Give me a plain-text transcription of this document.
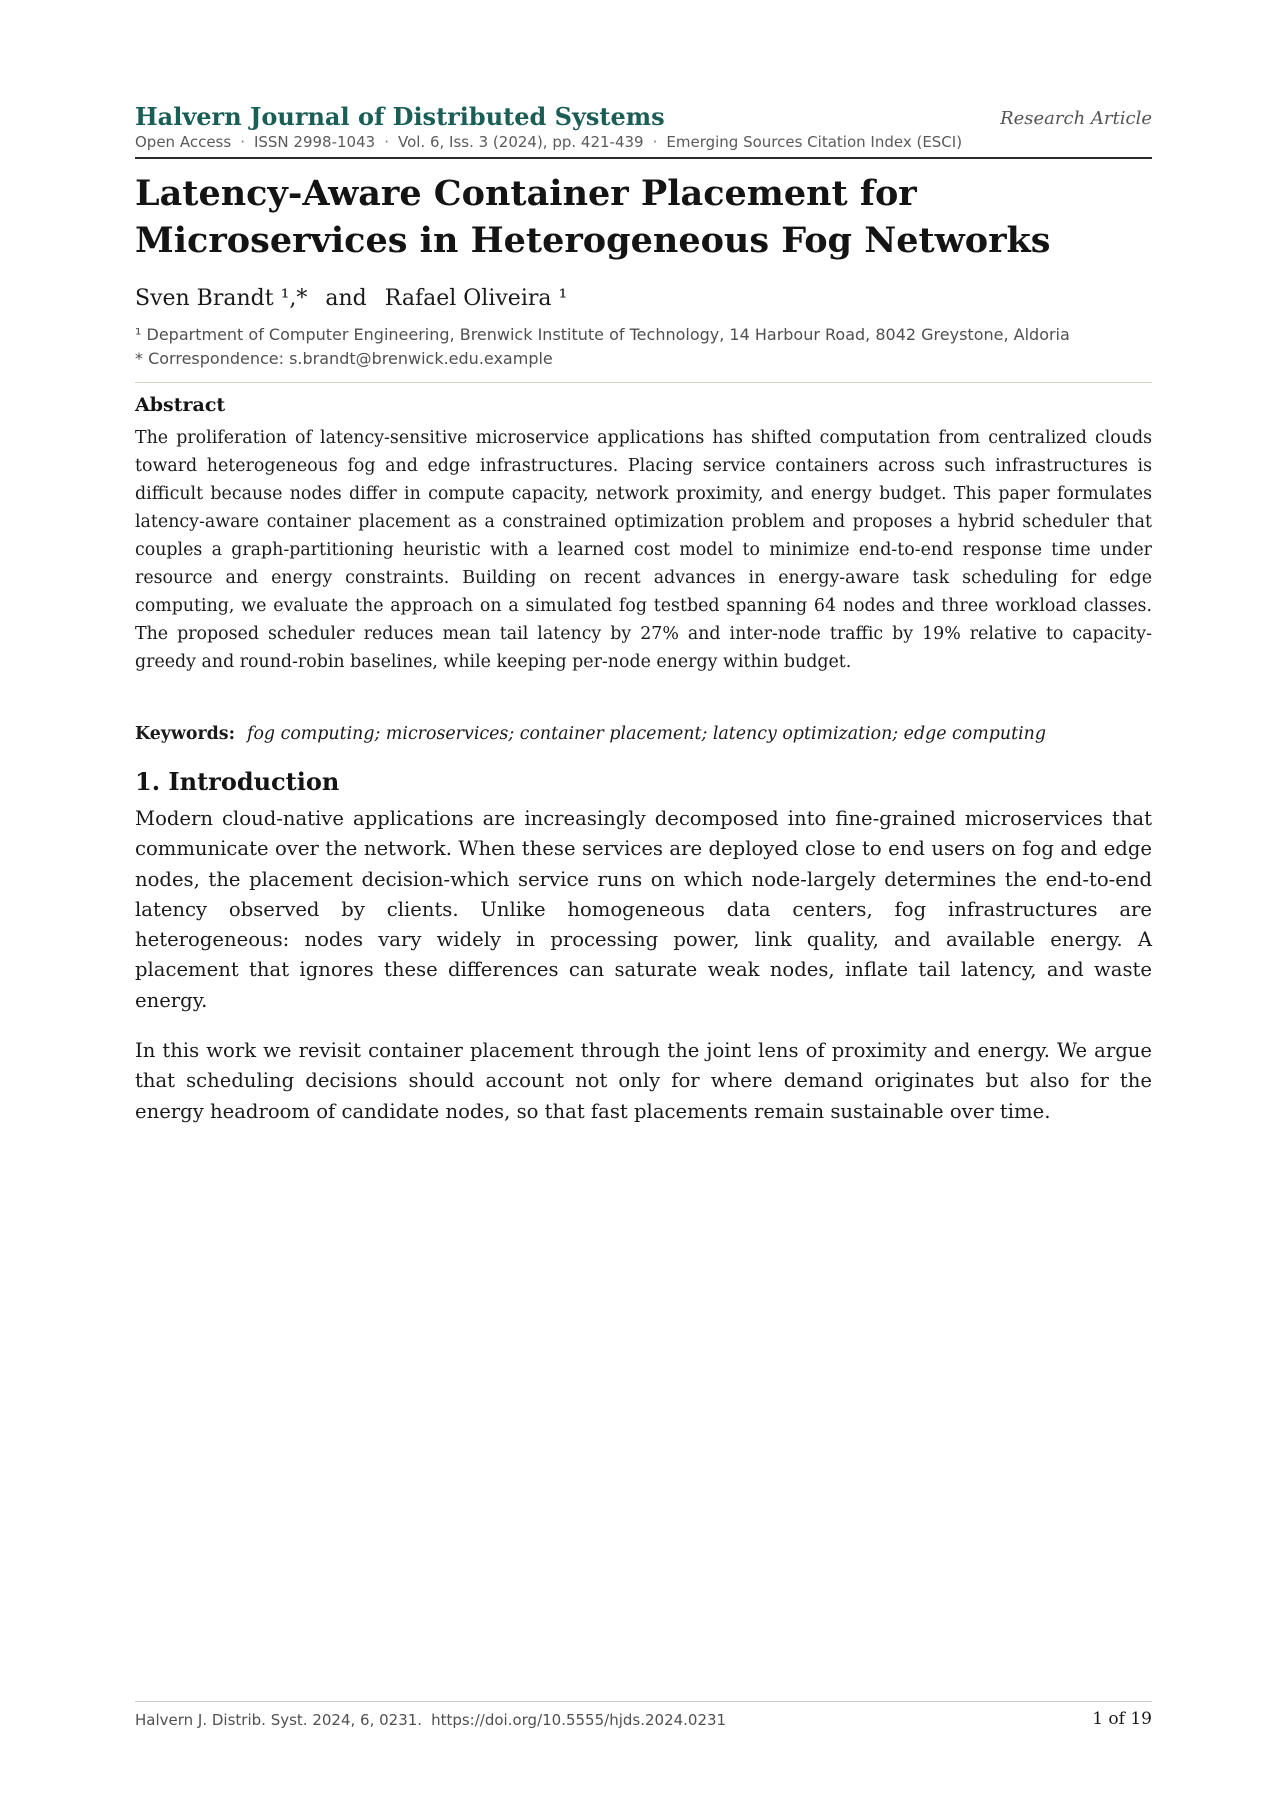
Halvern Journal of Distributed Systems	Research Article
Open Access · ISSN 2998-1043 · Vol. 6, Iss. 3 (2024), pp. 421-439 · Emerging Sources Citation Index (ESCI)
Latency-Aware Container Placement for Microservices in Heterogeneous Fog Networks
Sven Brandt ¹,* and Rafael Oliveira ¹
¹ Department of Computer Engineering, Brenwick Institute of Technology, 14 Harbour Road, 8042 Greystone, Aldoria
* Correspondence: s.brandt@brenwick.edu.example
Abstract

The proliferation of latency-sensitive microservice applications has shifted computation from centralized clouds toward heterogeneous fog and edge infrastructures. Placing service containers across such infrastructures is difficult because nodes differ in compute capacity, network proximity, and energy budget. This paper formulates latency-aware container placement as a constrained optimization problem and proposes a hybrid scheduler that couples a graph-partitioning heuristic with a learned cost model to minimize end-to-end response time under resource and energy constraints. Building on recent advances in energy-aware task scheduling for edge computing, we evaluate the approach on a simulated fog testbed spanning 64 nodes and three workload classes. The proposed scheduler reduces mean tail latency by 27% and inter-node traffic by 19% relative to capacity-greedy and round-robin baselines, while keeping per-node energy within budget.

Keywords: fog computing; microservices; container placement; latency optimization; edge computing
1. Introduction

Modern cloud-native applications are increasingly decomposed into fine-grained microservices that communicate over the network. When these services are deployed close to end users on fog and edge nodes, the placement decision-which service runs on which node-largely determines the end-to-end latency observed by clients. Unlike homogeneous data centers, fog infrastructures are heterogeneous: nodes vary widely in processing power, link quality, and available energy. A placement that ignores these differences can saturate weak nodes, inflate tail latency, and waste energy.

In this work we revisit container placement through the joint lens of proximity and energy. We argue that scheduling decisions should account not only for where demand originates but also for the energy headroom of candidate nodes, so that fast placements remain sustainable over time.

Halvern J. Distrib. Syst. 2024, 6, 0231. https://doi.org/10.5555/hjds.2024.0231	1 of 19
